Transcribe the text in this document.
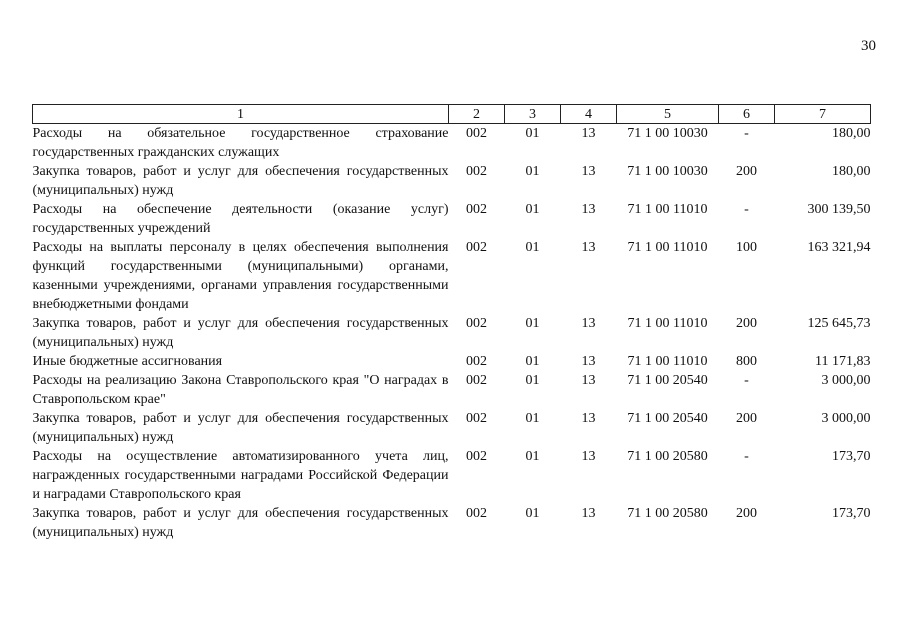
30
1	2	3	4	5	6	7
Расходы на обязательное государственное страхование государственных гражданских служащих	002	01	13	71 1 00 10030	-	180,00
Закупка товаров, работ и услуг для обеспечения государственных (муниципальных) нужд	002	01	13	71 1 00 10030	200	180,00
Расходы на обеспечение деятельности (оказание услуг) государственных учреждений	002	01	13	71 1 00 11010	-	300 139,50
Расходы на выплаты персоналу в целях обеспечения выполнения функций государственными (муниципальными) органами, казенными учреждениями, органами управления государственными внебюджетными фондами	002	01	13	71 1 00 11010	100	163 321,94
Закупка товаров, работ и услуг для обеспечения государственных (муниципальных) нужд	002	01	13	71 1 00 11010	200	125 645,73
Иные бюджетные ассигнования	002	01	13	71 1 00 11010	800	11 171,83
Расходы на реализацию Закона Ставропольского края "О наградах в Ставропольском крае"	002	01	13	71 1 00 20540	-	3 000,00
Закупка товаров, работ и услуг для обеспечения государственных (муниципальных) нужд	002	01	13	71 1 00 20540	200	3 000,00
Расходы на осуществление автоматизированного учета лиц, награжденных государственными наградами Российской Федерации и наградами Ставропольского края	002	01	13	71 1 00 20580	-	173,70
Закупка товаров, работ и услуг для обеспечения государственных (муниципальных) нужд	002	01	13	71 1 00 20580	200	173,70
